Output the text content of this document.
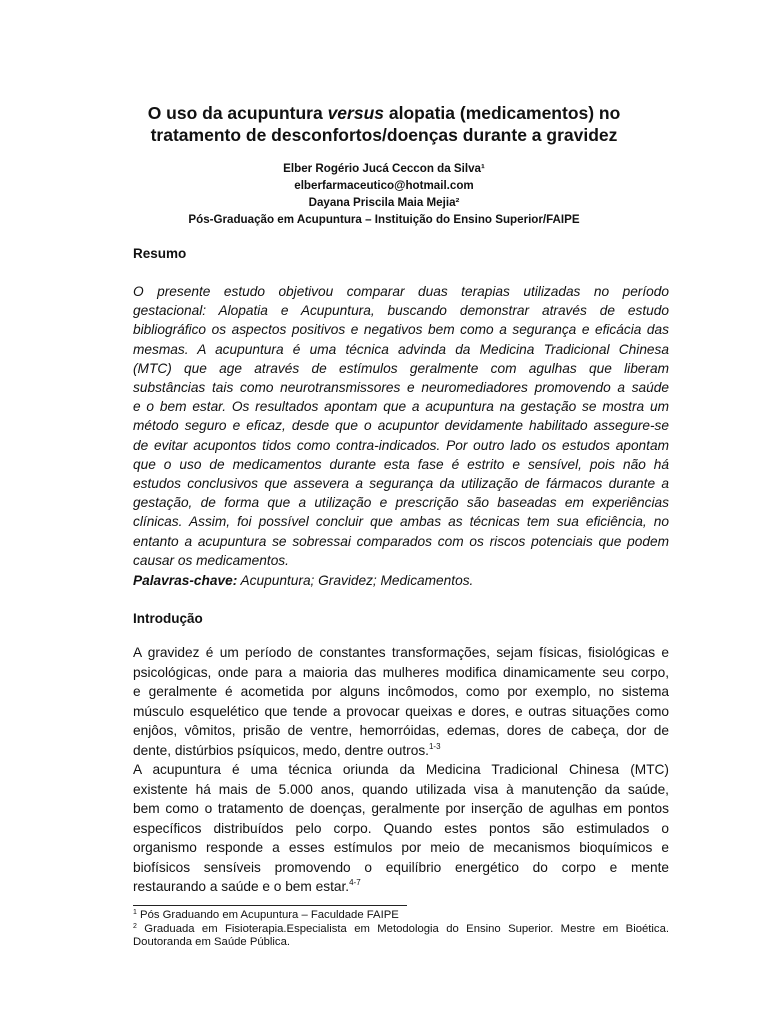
O uso da acupuntura versus alopatia (medicamentos) no
tratamento de desconfortos/doenças durante a gravidez
Elber Rogério Jucá Ceccon da Silva¹
elberfarmaceutico@hotmail.com
Dayana Priscila Maia Mejia²
Pós-Graduação em Acupuntura – Instituição do Ensino Superior/FAIPE
Resumo
O presente estudo objetivou comparar duas terapias utilizadas no período
gestacional: Alopatia e Acupuntura, buscando demonstrar através de estudo
bibliográfico os aspectos positivos e negativos bem como a segurança e eficácia das
mesmas. A acupuntura é uma técnica advinda da Medicina Tradicional Chinesa
(MTC) que age através de estímulos geralmente com agulhas que liberam
substâncias tais como neurotransmissores e neuromediadores promovendo a saúde
e o bem estar. Os resultados apontam que a acupuntura na gestação se mostra um
método seguro e eficaz, desde que o acupuntor devidamente habilitado assegure-se
de evitar acupontos tidos como contra-indicados. Por outro lado os estudos apontam
que o uso de medicamentos durante esta fase é estrito e sensível, pois não há
estudos conclusivos que assevera a segurança da utilização de fármacos durante a
gestação, de forma que a utilização e prescrição são baseadas em experiências
clínicas. Assim, foi possível concluir que ambas as técnicas tem sua eficiência, no
entanto a acupuntura se sobressai comparados com os riscos potenciais que podem
causar os medicamentos.
Palavras-chave: Acupuntura; Gravidez; Medicamentos.
Introdução
A gravidez é um período de constantes transformações, sejam físicas, fisiológicas e
psicológicas, onde para a maioria das mulheres modifica dinamicamente seu corpo,
e geralmente é acometida por alguns incômodos, como por exemplo, no sistema
músculo esquelético que tende a provocar queixas e dores, e outras situações como
enjôos, vômitos, prisão de ventre, hemorróidas, edemas, dores de cabeça, dor de
dente, distúrbios psíquicos, medo, dentre outros.$^{1-3}$
A acupuntura é uma técnica oriunda da Medicina Tradicional Chinesa (MTC)
existente há mais de 5.000 anos, quando utilizada visa à manutenção da saúde,
bem como o tratamento de doenças, geralmente por inserção de agulhas em pontos
específicos distribuídos pelo corpo. Quando estes pontos são estimulados o
organismo responde a esses estímulos por meio de mecanismos bioquímicos e
biofísicos sensíveis promovendo o equilíbrio energético do corpo e mente
restaurando a saúde e o bem estar.$^{4-7}$
$^1$ Pós Graduando em Acupuntura – Faculdade FAIPE
$^2$ Graduada em Fisioterapia.Especialista em Metodologia do Ensino Superior. Mestre em Bioética.
Doutoranda em Saúde Pública.
